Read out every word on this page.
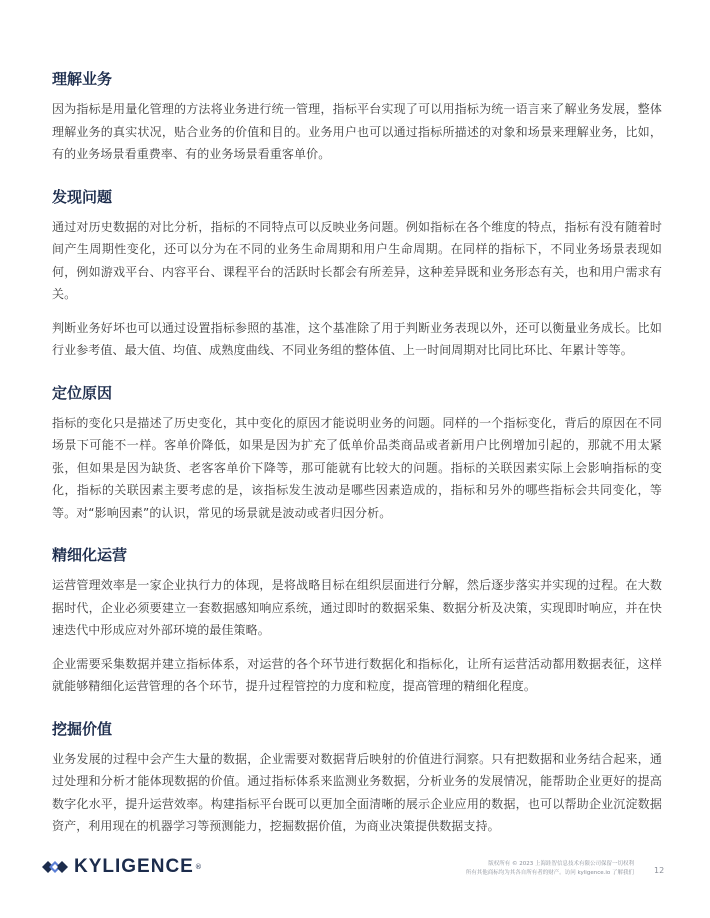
理解业务

因为指标是用量化管理的方法将业务进行统一管理，指标平台实现了可以用指标为统一语言来了解业务发展，整体理解业务的真实状况，贴合业务的价值和目的。业务用户也可以通过指标所描述的对象和场景来理解业务，比如，有的业务场景看重费率、有的业务场景看重客单价。

发现问题

通过对历史数据的对比分析，指标的不同特点可以反映业务问题。例如指标在各个维度的特点，指标有没有随着时间产生周期性变化，还可以分为在不同的业务生命周期和用户生命周期。在同样的指标下，不同业务场景表现如何，例如游戏平台、内容平台、课程平台的活跃时长都会有所差异，这种差异既和业务形态有关，也和用户需求有关。

判断业务好坏也可以通过设置指标参照的基准，这个基准除了用于判断业务表现以外，还可以衡量业务成长。比如行业参考值、最大值、均值、成熟度曲线、不同业务组的整体值、上一时间周期对比同比环比、年累计等等。

定位原因

指标的变化只是描述了历史变化，其中变化的原因才能说明业务的问题。同样的一个指标变化，背后的原因在不同场景下可能不一样。客单价降低，如果是因为扩充了低单价品类商品或者新用户比例增加引起的，那就不用太紧张，但如果是因为缺货、老客客单价下降等，那可能就有比较大的问题。指标的关联因素实际上会影响指标的变化，指标的关联因素主要考虑的是，该指标发生波动是哪些因素造成的，指标和另外的哪些指标会共同变化，等等。对“影响因素”的认识，常见的场景就是波动或者归因分析。

精细化运营

运营管理效率是一家企业执行力的体现，是将战略目标在组织层面进行分解，然后逐步落实并实现的过程。在大数据时代，企业必须要建立一套数据感知响应系统，通过即时的数据采集、数据分析及决策，实现即时响应，并在快速迭代中形成应对外部环境的最佳策略。

企业需要采集数据并建立指标体系，对运营的各个环节进行数据化和指标化，让所有运营活动都用数据表征，这样就能够精细化运营管理的各个环节，提升过程管控的力度和粒度，提高管理的精细化程度。

挖掘价值

业务发展的过程中会产生大量的数据，企业需要对数据背后映射的价值进行洞察。只有把数据和业务结合起来，通过处理和分析才能体现数据的价值。通过指标体系来监测业务数据，分析业务的发展情况，能帮助企业更好的提高数字化水平，提升运营效率。构建指标平台既可以更加全面清晰的展示企业应用的数据，也可以帮助企业沉淀数据资产，利用现在的机器学习等预测能力，挖掘数据价值，为商业决策提供数据支持。

KYLIGENCE ®	版权所有 © 2023 上海跬智信息技术有限公司保留一切权利
所有其他商标均为其各自所有者的财产。访问 kyligence.io 了解我们	12
